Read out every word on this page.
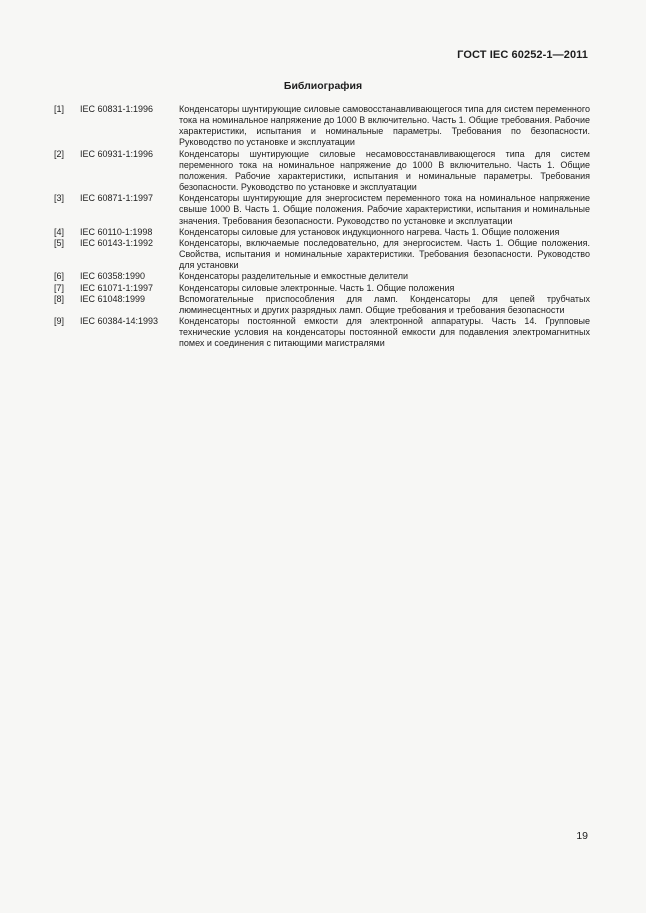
ГОСТ IEC 60252-1—2011
Библиография
[1]	IEC 60831-1:1996	Конденсаторы шунтирующие силовые самовосстанавливающегося типа для систем переменного тока на номинальное напряжение до 1000 В включительно. Часть 1. Общие требования. Рабочие характеристики, испытания и номинальные параметры. Требования по безопасности. Руководство по установке и эксплуатации
[2]	IEC 60931-1:1996	Конденсаторы шунтирующие силовые несамовосстанавливающегося типа для систем переменного тока на номинальное напряжение до 1000 В включительно. Часть 1. Общие положения. Рабочие характеристики, испытания и номинальные параметры. Требования безопасности. Руководство по установке и эксплуатации
[3]	IEC 60871-1:1997	Конденсаторы шунтирующие для энергосистем переменного тока на номинальное напряжение свыше 1000 В. Часть 1. Общие положения. Рабочие характеристики, испытания и номинальные значения. Требования безопасности. Руководство по установке и эксплуатации
[4]	IEC 60110-1:1998	Конденсаторы силовые для установок индукционного нагрева. Часть 1. Общие положения
[5]	IEC 60143-1:1992	Конденсаторы, включаемые последовательно, для энергосистем. Часть 1. Общие положения. Свойства, испытания и номинальные характеристики. Требования безопасности. Руководство для установки
[6]	IEC 60358:1990	Конденсаторы разделительные и емкостные делители
[7]	IEC 61071-1:1997	Конденсаторы силовые электронные. Часть 1. Общие положения
[8]	IEC 61048:1999	Вспомогательные приспособления для ламп. Конденсаторы для цепей трубчатых люминесцентных и других разрядных ламп. Общие требования и требования безопасности
[9]	IEC 60384-14:1993	Конденсаторы постоянной емкости для электронной аппаратуры. Часть 14. Групповые технические условия на конденсаторы постоянной емкости для подавления электромагнитных помех и соединения с питающими магистралями
19
